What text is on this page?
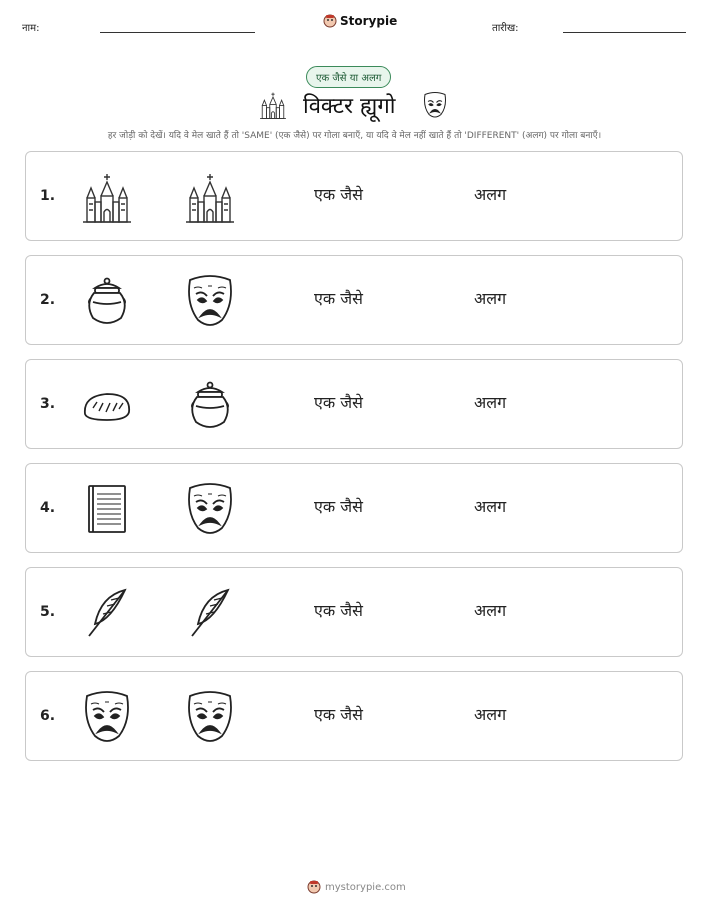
नाम:
Storypie
तारीख:
एक जैसे या अलग
विक्टर ह्यूगो
हर जोड़ी को देखें। यदि वे मेल खाते हैं तो 'SAME' (एक जैसे) पर गोला बनाएँ, या यदि वे मेल नहीं खाते हैं तो 'DIFFERENT' (अलग) पर गोला बनाएँ।
1.	एक जैसे	अलग
2.	एक जैसे	अलग
3.	एक जैसे	अलग
4.	एक जैसे	अलग
5.	एक जैसे	अलग
6.	एक जैसे	अलग
mystorypie.com
